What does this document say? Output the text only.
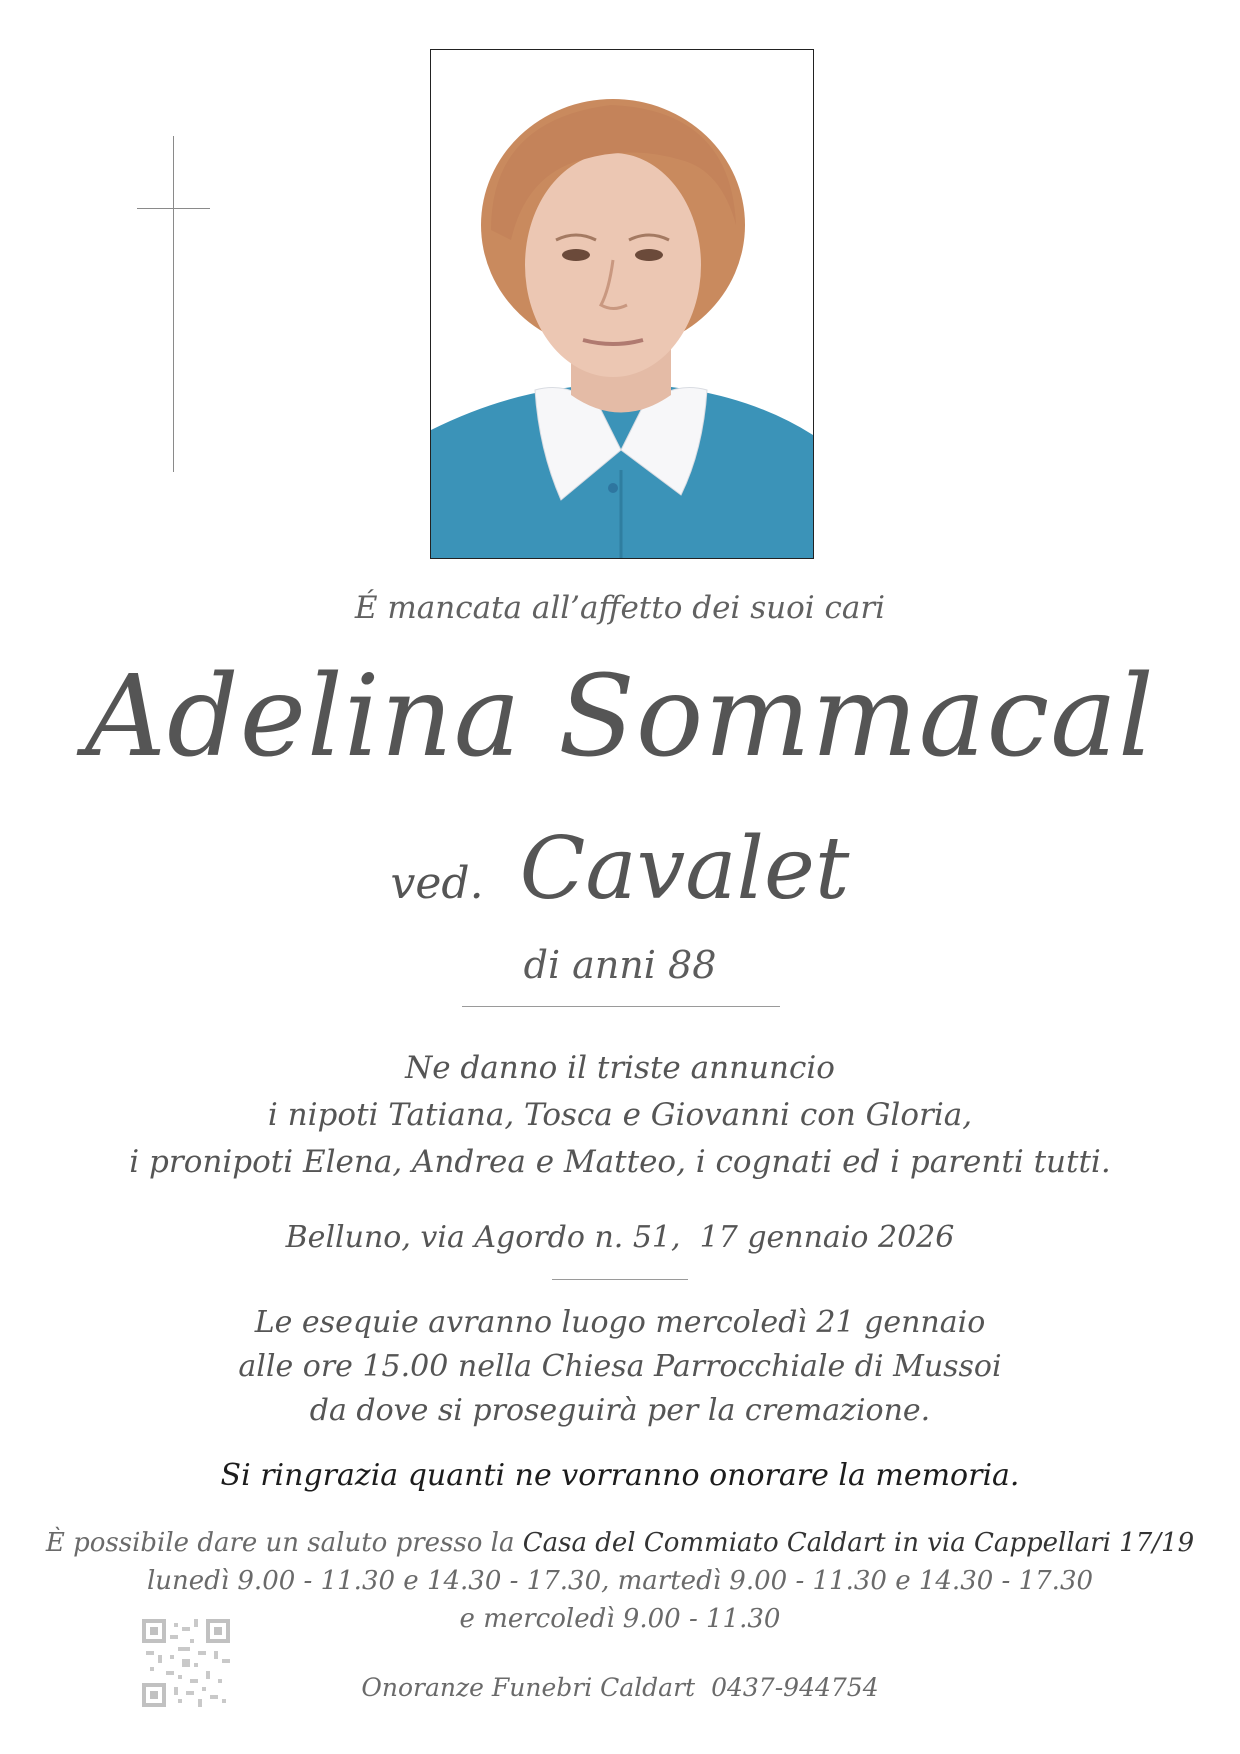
É mancata all’affetto dei suoi cari
Adelina Sommacal
ved. Cavalet
di anni 88
Ne danno il triste annuncio
i nipoti Tatiana, Tosca e Giovanni con Gloria,
i pronipoti Elena, Andrea e Matteo, i cognati ed i parenti tutti.
Belluno, via Agordo n. 51,  17 gennaio 2026
Le esequie avranno luogo mercoledì 21 gennaio
alle ore 15.00 nella Chiesa Parrocchiale di Mussoi
da dove si proseguirà per la cremazione.
Si ringrazia quanti ne vorranno onorare la memoria.
È possibile dare un saluto presso la Casa del Commiato Caldart in via Cappellari 17/19
lunedì 9.00 - 11.30 e 14.30 - 17.30, martedì 9.00 - 11.30 e 14.30 - 17.30
e mercoledì 9.00 - 11.30
Onoranze Funebri Caldart 0437-944754
